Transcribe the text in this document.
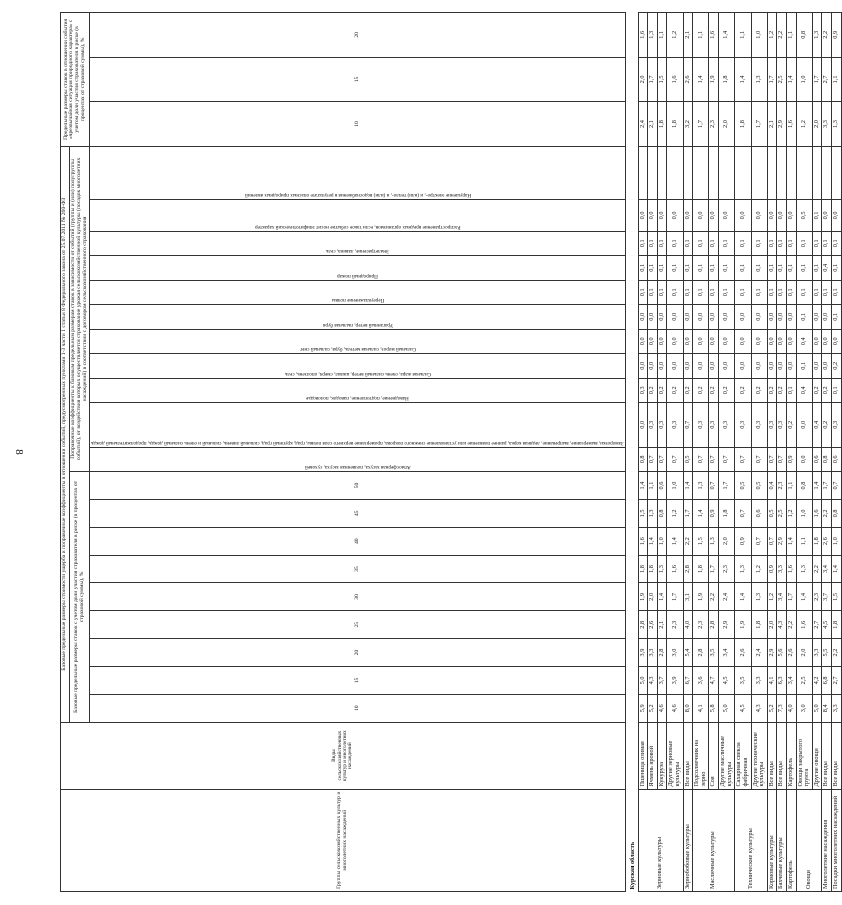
8
Группы сельскохозяйственных культур и многолетних насаждений	Виды сельскохозяйственных культур и многолетних насаждений	Базовые предельные размеры стоимости ущерба и поправочные коэффициенты в отношении событий, предусмотренных пунктами 1-3 части 1 статьи 8 Федерального закона от 25.07.2011 № 260-ФЗ																				Предельные размеры ставок в отношении события «чрезвычайная ситуация природного характера» с учетом доли участия страхователя в риске (в процентах от страховой суммы), %		
		Базовые предельные размеры ставок с учетом доли участия страхователя в риске (в процентах от страховой суммы), %									Поправочные коэффициенты к базовым предельным размерам ставок в зависимости от событий (группы и (или) полугруппы событий), от воздействия которых осуществляется страхование урожая сельскохозяйственной культуры (посадок многолетних насаждений) в соответствии с договором сельскохозяйственного страхования													
		10	15	20	25	30	35	40	45	50	Атмосферная засуха, почвенная засуха, суховей	Заморозки, вымерзание, выпревание, ледяная корка, раннее появление или установление снежного покрова, промерзание верхнего слоя почвы, град, крупный град, сильный ливень, сильный и очень сильный дождь, продолжительный дождь	Наводнение, подтопление, паводок, половодье	Сильная жара, очень сильный ветер, шквал, смерч, оползень, сель	Сильный мороз, сильная метель, буря, сильный снег	Ураганный ветер, пыльная буря	Переувлажнение почвы	Природный пожар	Землетрясение, лавина, сель	Распространение вредных организмов, если такое событие носит эпифитотический характер	Нарушение электро-, и (или) тепло-, и (или) водоснабжения в результате опасных природных явлений	10	15	20
Курская область																								
Зерновые культуры	Пшеница озимая	5,9	5,0	3,9	2,8	1,9	1,8	1,6	1,5	1,4	0,8	0,0	0,3	0,0	0,0	0,0	0,1	0,1	0,1	0,0		2,4	2,0	1,6
	Ячмень яровой	5,2	4,3	3,3	2,6	2,0	1,8	1,4	1,3	1,1	0,7	0,3	0,2	0,0	0,0	0,0	0,1	0,1	0,1	0,0		2,1	1,7	1,3
	Кукуруза	4,6	3,7	2,8	2,1	1,4	1,3	1,0	0,8	0,6	0,7	0,3	0,2	0,0	0,0	0,0	0,1	0,1	0,1	0,0		1,8	1,5	1,1
	Другие зерновые культуры	4,6	3,9	3,0	2,3	1,7	1,6	1,4	1,2	1,0	0,7	0,3	0,2	0,0	0,0	0,0	0,1	0,1	0,1	0,0		1,8	1,6	1,2
Зернобобовые культуры	Все виды	8,0	6,7	5,4	4,0	3,1	2,8	2,2	1,7	1,4	0,5	0,7	0,2	0,0	0,0	0,0	0,1	0,1	0,1	0,0		3,2	2,6	2,1
Масличные культуры	Подсолнечник на зерно	4,1	3,6	2,8	2,3	1,9	1,8	1,5	1,4	1,3	0,7	0,3	0,2	0,0	0,0	0,0	0,1	0,1	0,1	0,0		1,7	1,4	1,1
	Соя	5,8	4,7	3,5	2,8	2,2	1,7	1,3	0,9	0,7	0,7	0,3	0,2	0,0	0,0	0,0	0,1	0,1	0,1	0,0		2,3	1,9	1,6
	Другие масличные культуры	5,0	4,5	3,4	2,9	2,4	2,3	2,0	1,8	1,7	0,7	0,3	0,2	0,0	0,0	0,0	0,1	0,1	0,1	0,0		2,0	1,8	1,4
Технические культуры	Сахарная свекла фабричная	4,5	3,5	2,6	1,9	1,4	1,3	0,9	0,7	0,5	0,7	0,3	0,2	0,0	0,0	0,0	0,1	0,1	0,1	0,0		1,8	1,4	1,1
	Другие технические культуры	4,3	3,3	2,4	1,8	1,3	1,2	0,7	0,6	0,5	0,7	0,3	0,2	0,0	0,0	0,0	0,1	0,1	0,1	0,0		1,7	1,3	1,0
Кормовые культуры	Все виды	5,2	4,1	2,9	2,0	1,2	0,9	0,7	0,5	0,4	0,7	0,3	0,2	0,0	0,0	0,0	0,1	0,1	0,1	0,0		2,1	1,7	1,2
Бахчевые культуры	Все виды	7,3	6,3	5,6	4,3	3,4	3,3	2,9	2,5	2,3	0,7	0,3	0,2	0,0	0,0	0,0	0,1	0,1	0,1	0,0		2,9	2,5	2,2
Картофель	Картофель	4,0	3,4	2,6	2,2	1,7	1,6	1,4	1,2	1,1	0,9	0,2	0,1	0,0	0,0	0,0	0,1	0,1	0,1	0,0		1,6	1,4	1,1
Овощи	Овощи закрытого грунта	3,0	2,5	2,0	1,6	1,4	1,3	1,1	1,0	0,8	0,0	0,0	0,4	0,1	0,4	0,1	0,1	0,1	0,1	0,5		1,2	1,0	0,8
	Другие овощи	5,0	4,2	3,3	2,7	2,3	2,2	1,8	1,6	1,4	0,6	0,4	0,2	0,0	0,0	0,0	0,1	0,1	0,1	0,1		2,0	1,7	1,3
Многолетние насаждения	Все виды	8,4	6,8	5,5	4,5	3,7	3,4	2,6	2,2	1,7	0,8	0,2	0,2	0,0	0,0	0,0	0,1	0,4	0,1	0,0		3,3	2,7	2,2
Посадки многолетних насаждений	Все виды	3,3	2,7	2,2	1,8	1,5	1,4	1,0	0,8	0,7	0,6	0,3	0,1	0,2	0,0	0,1	0,1	0,1	0,1	0,0		1,3	1,1	0,9
